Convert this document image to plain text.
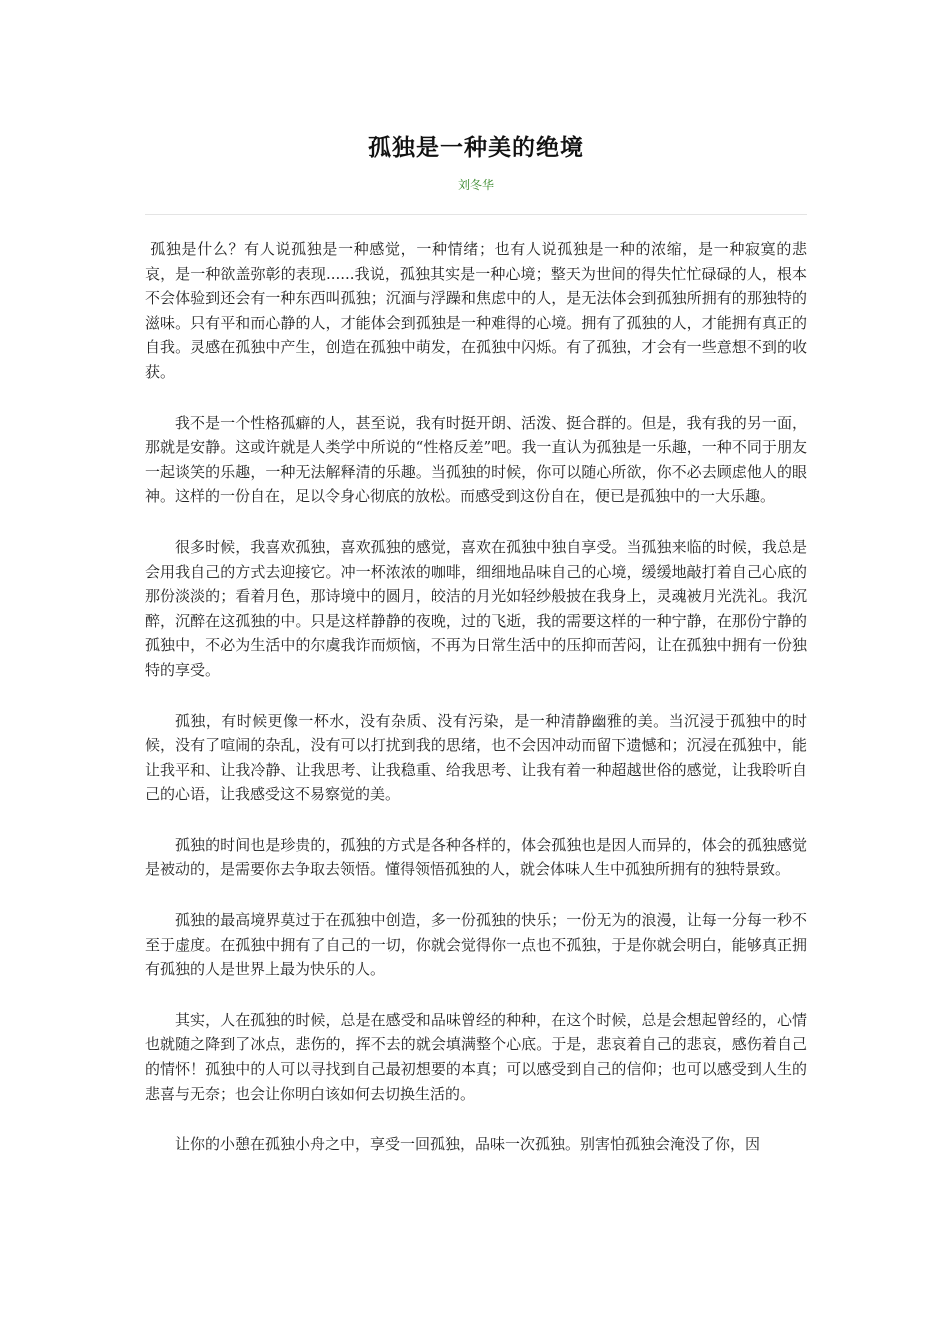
孤独是一种美的绝境
刘冬华

孤独是什么？有人说孤独是一种感觉，一种情绪；也有人说孤独是一种的浓缩，是一种寂寞的悲哀，是一种欲盖弥彰的表现......我说，孤独其实是一种心境；整天为世间的得失忙忙碌碌的人，根本不会体验到还会有一种东西叫孤独；沉湎与浮躁和焦虑中的人，是无法体会到孤独所拥有的那独特的滋味。只有平和而心静的人，才能体会到孤独是一种难得的心境。拥有了孤独的人，才能拥有真正的自我。灵感在孤独中产生，创造在孤独中萌发，在孤独中闪烁。有了孤独，才会有一些意想不到的收获。

我不是一个性格孤癖的人，甚至说，我有时挺开朗、活泼、挺合群的。但是，我有我的另一面，那就是安静。这或许就是人类学中所说的“性格反差”吧。我一直认为孤独是一乐趣，一种不同于朋友一起谈笑的乐趣，一种无法解释清的乐趣。当孤独的时候，你可以随心所欲，你不必去顾虑他人的眼神。这样的一份自在，足以令身心彻底的放松。而感受到这份自在，便已是孤独中的一大乐趣。

很多时候，我喜欢孤独，喜欢孤独的感觉，喜欢在孤独中独自享受。当孤独来临的时候，我总是会用我自己的方式去迎接它。冲一杯浓浓的咖啡，细细地品味自己的心境，缓缓地敲打着自己心底的那份淡淡的；看着月色，那诗境中的圆月，皎洁的月光如轻纱般披在我身上，灵魂被月光洗礼。我沉醉，沉醉在这孤独的中。只是这样静静的夜晚，过的飞逝，我的需要这样的一种宁静，在那份宁静的孤独中，不必为生活中的尔虞我诈而烦恼，不再为日常生活中的压抑而苦闷，让在孤独中拥有一份独特的享受。

孤独，有时候更像一杯水，没有杂质、没有污染，是一种清静幽雅的美。当沉浸于孤独中的时候，没有了喧闹的杂乱，没有可以打扰到我的思绪，也不会因冲动而留下遗憾和；沉浸在孤独中，能让我平和、让我冷静、让我思考、让我稳重、给我思考、让我有着一种超越世俗的感觉，让我聆听自己的心语，让我感受这不易察觉的美。

孤独的时间也是珍贵的，孤独的方式是各种各样的，体会孤独也是因人而异的，体会的孤独感觉是被动的，是需要你去争取去领悟。懂得领悟孤独的人，就会体味人生中孤独所拥有的独特景致。

孤独的最高境界莫过于在孤独中创造，多一份孤独的快乐；一份无为的浪漫，让每一分每一秒不至于虚度。在孤独中拥有了自己的一切，你就会觉得你一点也不孤独，于是你就会明白，能够真正拥有孤独的人是世界上最为快乐的人。

其实，人在孤独的时候，总是在感受和品味曾经的种种，在这个时候，总是会想起曾经的，心情也就随之降到了冰点，悲伤的，挥不去的就会填满整个心底。于是，悲哀着自己的悲哀，感伤着自己的情怀！孤独中的人可以寻找到自己最初想要的本真；可以感受到自己的信仰；也可以感受到人生的悲喜与无奈；也会让你明白该如何去切换生活的。

让你的小憩在孤独小舟之中，享受一回孤独，品味一次孤独。别害怕孤独会淹没了你，因
